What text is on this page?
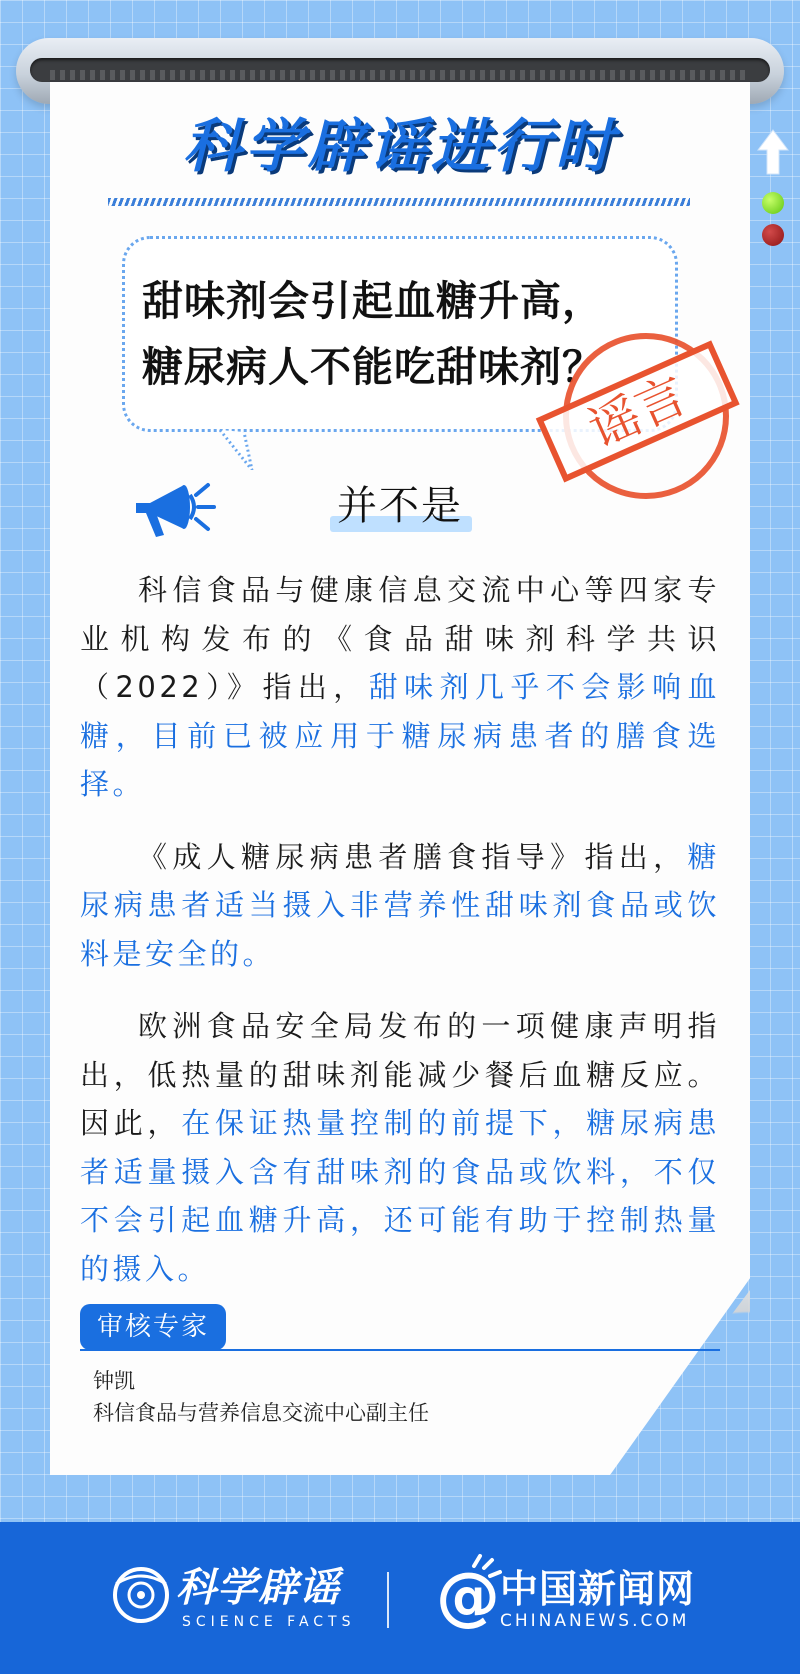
科学辟谣进行时
甜味剂会引起血糖升高，
糖尿病人不能吃甜味剂？
谣言
并不是

科信食品与健康信息交流中心等四家专业机构发布的《食品甜味剂科学共识（2022）》指出，甜味剂几乎不会影响血糖，目前已被应用于糖尿病患者的膳食选择。

《成人糖尿病患者膳食指导》指出，糖尿病患者适当摄入非营养性甜味剂食品或饮料是安全的。

欧洲食品安全局发布的一项健康声明指出，低热量的甜味剂能减少餐后血糖反应。因此，在保证热量控制的前提下，糖尿病患者适量摄入含有甜味剂的食品或饮料，不仅不会引起血糖升高，还可能有助于控制热量的摄入。

审核专家
钟凯
科信食品与营养信息交流中心副主任
科学辟谣
SCIENCE FACTS @ 中国新闻网
CHINANEWS.COM
